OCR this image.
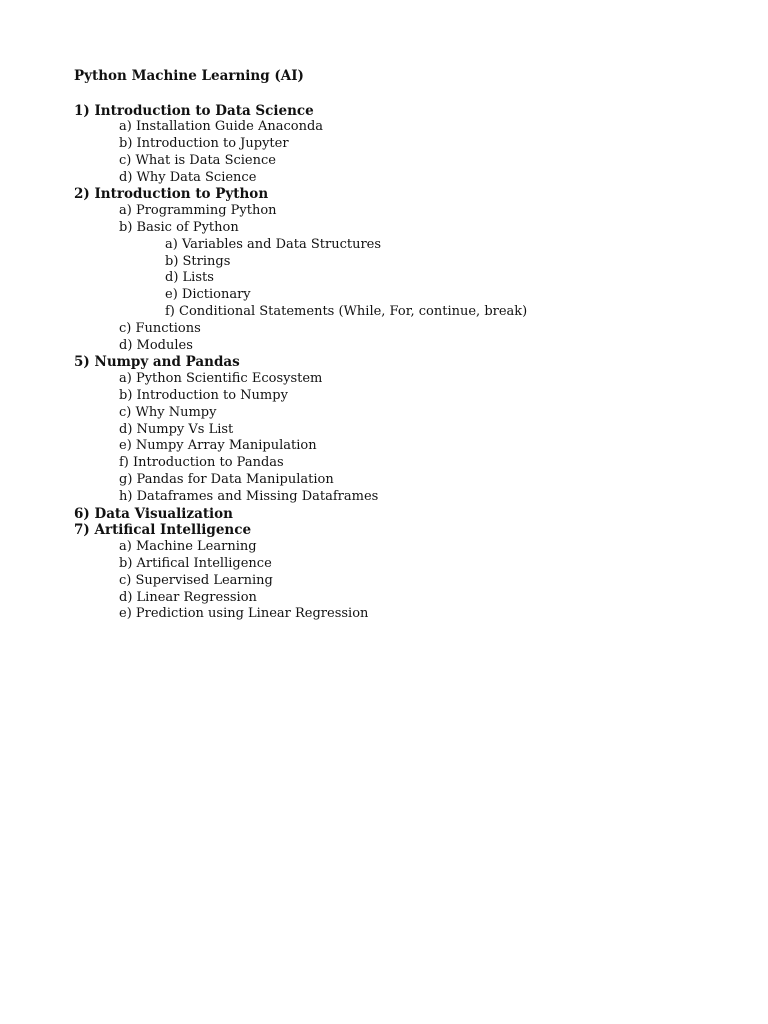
Python Machine Learning (AI)
1) Introduction to Data Science
a) Installation Guide Anaconda
b) Introduction to Jupyter
c) What is Data Science
d) Why Data Science
2) Introduction to Python
a) Programming Python
b) Basic of Python
a) Variables and Data Structures
b) Strings
d) Lists
e) Dictionary
f) Conditional Statements (While, For, continue, break)
c) Functions
d) Modules
5) Numpy and Pandas
a) Python Scientific Ecosystem
b) Introduction to Numpy
c) Why Numpy
d) Numpy Vs List
e) Numpy Array Manipulation
f) Introduction to Pandas
g) Pandas for Data Manipulation
h) Dataframes and Missing Dataframes
6) Data Visualization
7) Artifical Intelligence
a) Machine Learning
b) Artifical Intelligence
c) Supervised Learning
d) Linear Regression
e) Prediction using Linear Regression
